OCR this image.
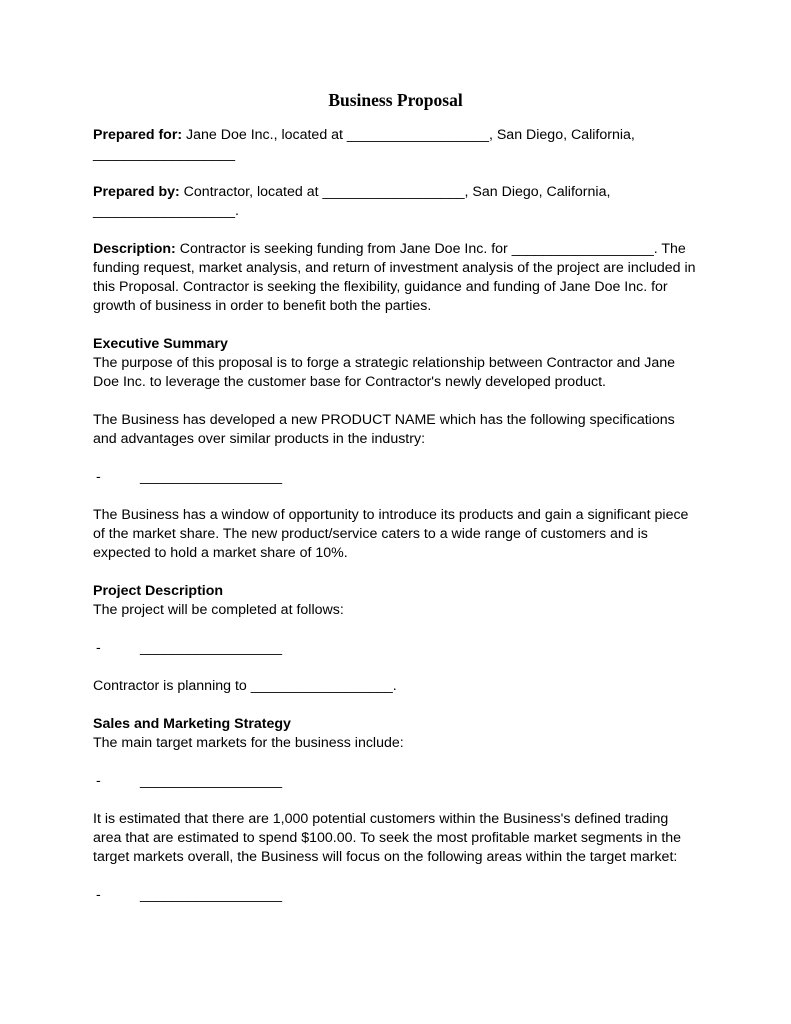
Business Proposal

Prepared for: Jane Doe Inc., located at __________________, San Diego, California, __________________

Prepared by: Contractor, located at __________________, San Diego, California, __________________.

Description: Contractor is seeking funding from Jane Doe Inc. for __________________. The funding request, market analysis, and return of investment analysis of the project are included in this Proposal. Contractor is seeking the flexibility, guidance and funding of Jane Doe Inc. for growth of business in order to benefit both the parties.

Executive Summary

The purpose of this proposal is to forge a strategic relationship between Contractor and Jane Doe Inc. to leverage the customer base for Contractor's newly developed product.

The Business has developed a new PRODUCT NAME which has the following specifications and advantages over similar products in the industry:

-	__________________

The Business has a window of opportunity to introduce its products and gain a significant piece of the market share. The new product/service caters to a wide range of customers and is expected to hold a market share of 10%.

Project Description

The project will be completed at follows:

-	__________________

Contractor is planning to __________________.

Sales and Marketing Strategy

The main target markets for the business include:

-	__________________

It is estimated that there are 1,000 potential customers within the Business's defined trading area that are estimated to spend $100.00. To seek the most profitable market segments in the target markets overall, the Business will focus on the following areas within the target market:

-	__________________
